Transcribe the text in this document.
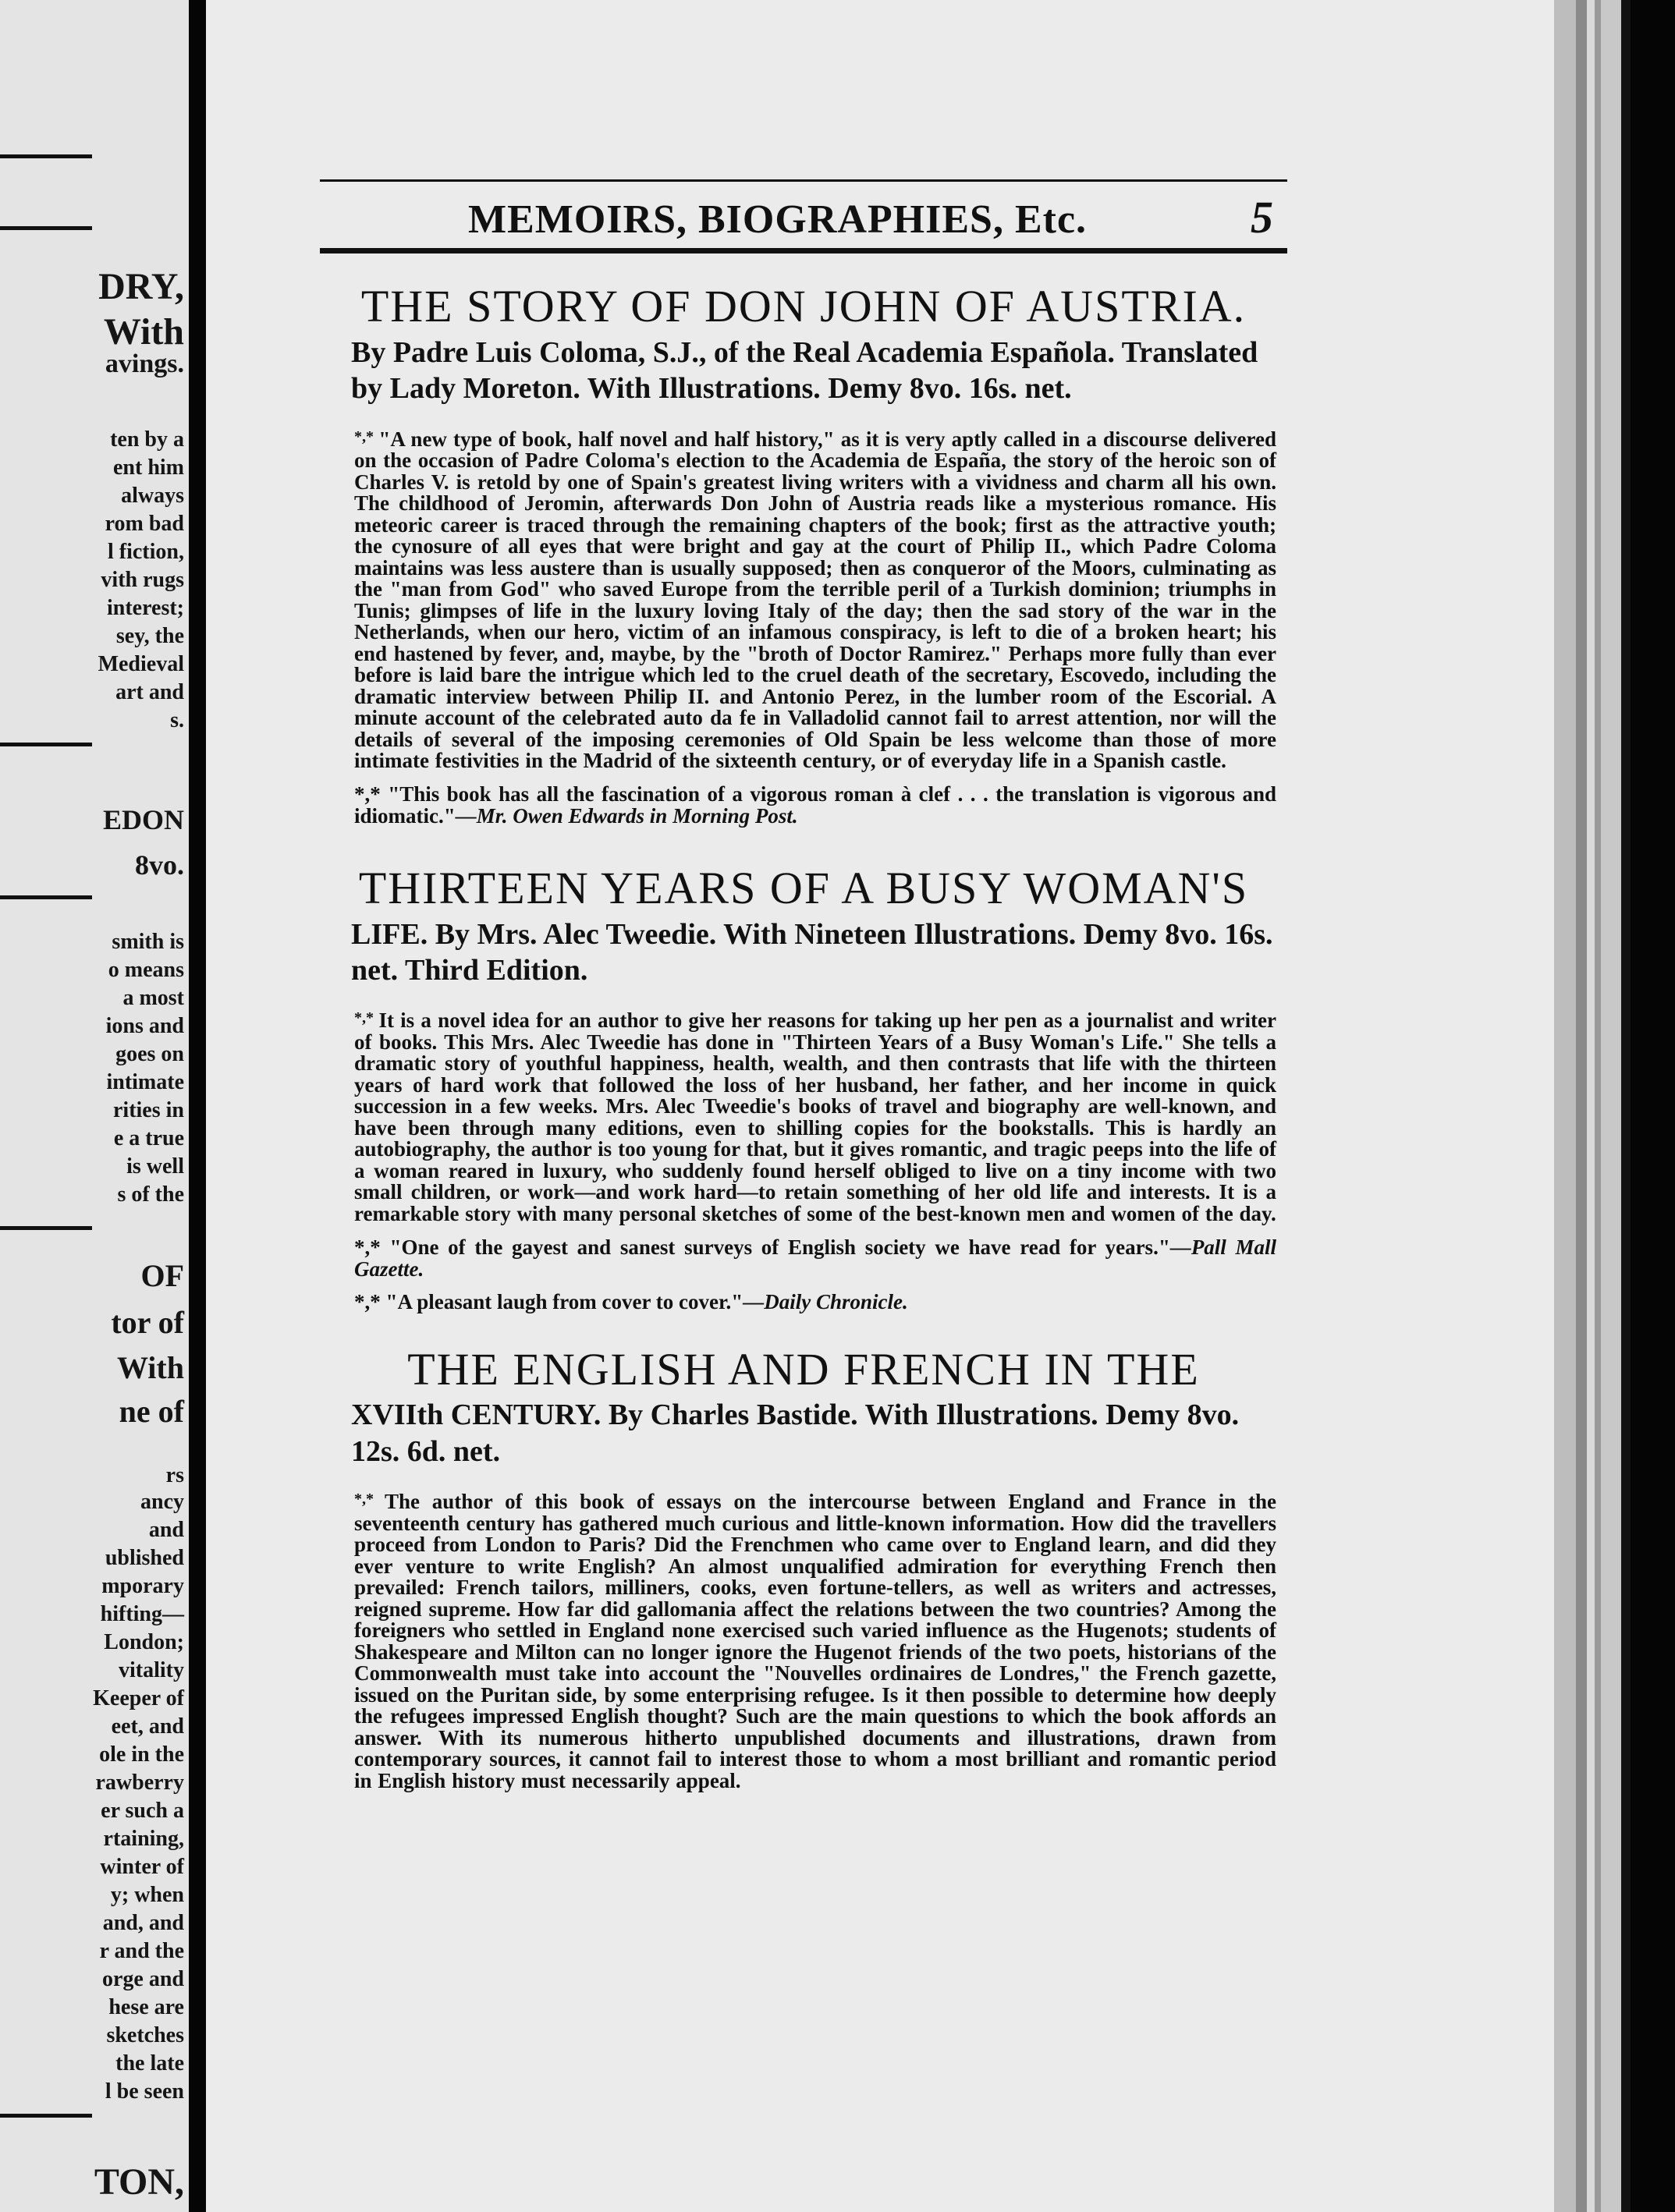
DRY,
With
avings.
ten by a
ent him
always
rom bad
l fiction,
vith rugs
interest;
sey, the
Medieval
art and
s.
EDON
8vo.
smith is
o means
a most
ions and
goes on
intimate
rities in
e a true
is well
s of the
OF
tor of
With
ne of
rs
ancy
and
ublished
mporary
hifting—
London;
vitality
Keeper of
eet, and
ole in the
rawberry
er such a
rtaining,
winter of
y; when
and, and
r and the
orge and
hese are
sketches
the late
l be seen
TON,
MEMOIRS, BIOGRAPHIES, Etc.	5
THE STORY OF DON JOHN OF AUSTRIA.

By Padre Luis Coloma, S.J., of the Real Academia Española. Translated by Lady Moreton. With Illustrations. Demy 8vo. 16s. net.

*,* "A new type of book, half novel and half history," as it is very aptly called in a discourse delivered on the occasion of Padre Coloma's election to the Academia de España, the story of the heroic son of Charles V. is retold by one of Spain's greatest living writers with a vividness and charm all his own. The childhood of Jeromin, afterwards Don John of Austria reads like a mysterious romance. His meteoric career is traced through the remaining chapters of the book; first as the attractive youth; the cynosure of all eyes that were bright and gay at the court of Philip II., which Padre Coloma maintains was less austere than is usually supposed; then as conqueror of the Moors, culminating as the "man from God" who saved Europe from the terrible peril of a Turkish dominion; triumphs in Tunis; glimpses of life in the luxury loving Italy of the day; then the sad story of the war in the Netherlands, when our hero, victim of an infamous conspiracy, is left to die of a broken heart; his end hastened by fever, and, maybe, by the "broth of Doctor Ramirez." Perhaps more fully than ever before is laid bare the intrigue which led to the cruel death of the secretary, Escovedo, including the dramatic interview between Philip II. and Antonio Perez, in the lumber room of the Escorial. A minute account of the celebrated auto da fe in Valladolid cannot fail to arrest attention, nor will the details of several of the imposing ceremonies of Old Spain be less welcome than those of more intimate festivities in the Madrid of the sixteenth century, or of everyday life in a Spanish castle.

*,* "This book has all the fascination of a vigorous roman à clef . . . the translation is vigorous and idiomatic."—Mr. Owen Edwards in Morning Post.

THIRTEEN YEARS OF A BUSY WOMAN'S

LIFE. By Mrs. Alec Tweedie. With Nineteen Illustrations. Demy 8vo. 16s. net. Third Edition.

*,* It is a novel idea for an author to give her reasons for taking up her pen as a journalist and writer of books. This Mrs. Alec Tweedie has done in "Thirteen Years of a Busy Woman's Life." She tells a dramatic story of youthful happiness, health, wealth, and then contrasts that life with the thirteen years of hard work that followed the loss of her husband, her father, and her income in quick succession in a few weeks. Mrs. Alec Tweedie's books of travel and biography are well-known, and have been through many editions, even to shilling copies for the bookstalls. This is hardly an autobiography, the author is too young for that, but it gives romantic, and tragic peeps into the life of a woman reared in luxury, who suddenly found herself obliged to live on a tiny income with two small children, or work—and work hard—to retain something of her old life and interests. It is a remarkable story with many personal sketches of some of the best-known men and women of the day.

*,* "One of the gayest and sanest surveys of English society we have read for years."—Pall Mall Gazette.

*,* "A pleasant laugh from cover to cover."—Daily Chronicle.

THE ENGLISH AND FRENCH IN THE

XVIIth CENTURY. By Charles Bastide. With Illustrations. Demy 8vo. 12s. 6d. net.

*,* The author of this book of essays on the intercourse between England and France in the seventeenth century has gathered much curious and little-known information. How did the travellers proceed from London to Paris? Did the Frenchmen who came over to England learn, and did they ever venture to write English? An almost unqualified admiration for everything French then prevailed: French tailors, milliners, cooks, even fortune-tellers, as well as writers and actresses, reigned supreme. How far did gallomania affect the relations between the two countries? Among the foreigners who settled in England none exercised such varied influence as the Hugenots; students of Shakespeare and Milton can no longer ignore the Hugenot friends of the two poets, historians of the Commonwealth must take into account the "Nouvelles ordinaires de Londres," the French gazette, issued on the Puritan side, by some enterprising refugee. Is it then possible to determine how deeply the refugees impressed English thought? Such are the main questions to which the book affords an answer. With its numerous hitherto unpublished documents and illustrations, drawn from contemporary sources, it cannot fail to interest those to whom a most brilliant and romantic period in English history must necessarily appeal.
